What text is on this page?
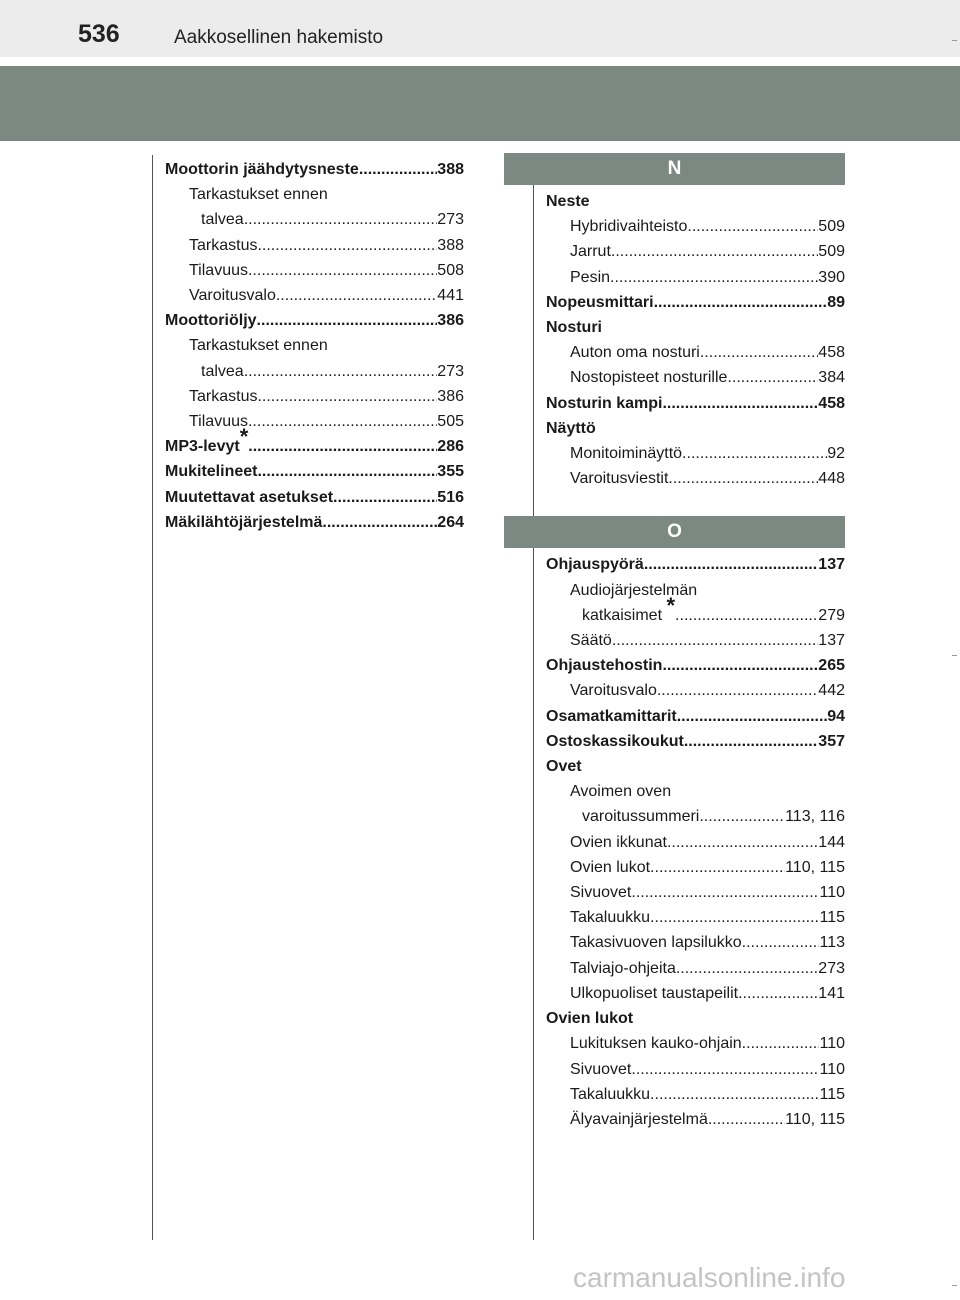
536	Aakkosellinen hakemisto
Moottorin jäähdytysneste .....	388
Tarkastukset ennen
talvea .....	273
Tarkastus .....	388
Tilavuus .....	508
Varoitusvalo .....	441
Moottoriöljy .....	386
Tarkastukset ennen
talvea .....	273
Tarkastus .....	386
Tilavuus .....	505
MP3-levyt* .....	286
Mukitelineet .....	355
Muutettavat asetukset .....	516
Mäkilähtöjärjestelmä .....	264
N
Neste
Hybridivaihteisto .....	509
Jarrut .....	509
Pesin .....	390
Nopeusmittari .....	89
Nosturi
Auton oma nosturi .....	458
Nostopisteet nosturille .....	384
Nosturin kampi .....	458
Näyttö
Monitoiminäyttö .....	92
Varoitusviestit .....	448
O
Ohjauspyörä .....	137
Audiojärjestelmän
katkaisimet * .....	279
Säätö .....	137
Ohjaustehostin .....	265
Varoitusvalo .....	442
Osamatkamittarit .....	94
Ostoskassikoukut .....	357
Ovet
Avoimen oven
varoitussummeri .....	113, 116
Ovien ikkunat .....	144
Ovien lukot .....	110, 115
Sivuovet .....	110
Takaluukku .....	115
Takasivuoven lapsilukko .....	113
Talviajo-ohjeita .....	273
Ulkopuoliset taustapeilit .....	141
Ovien lukot
Lukituksen kauko-ohjain .....	110
Sivuovet .....	110
Takaluukku .....	115
Älyavainjärjestelmä .....	110, 115
carmanualsonline.info
